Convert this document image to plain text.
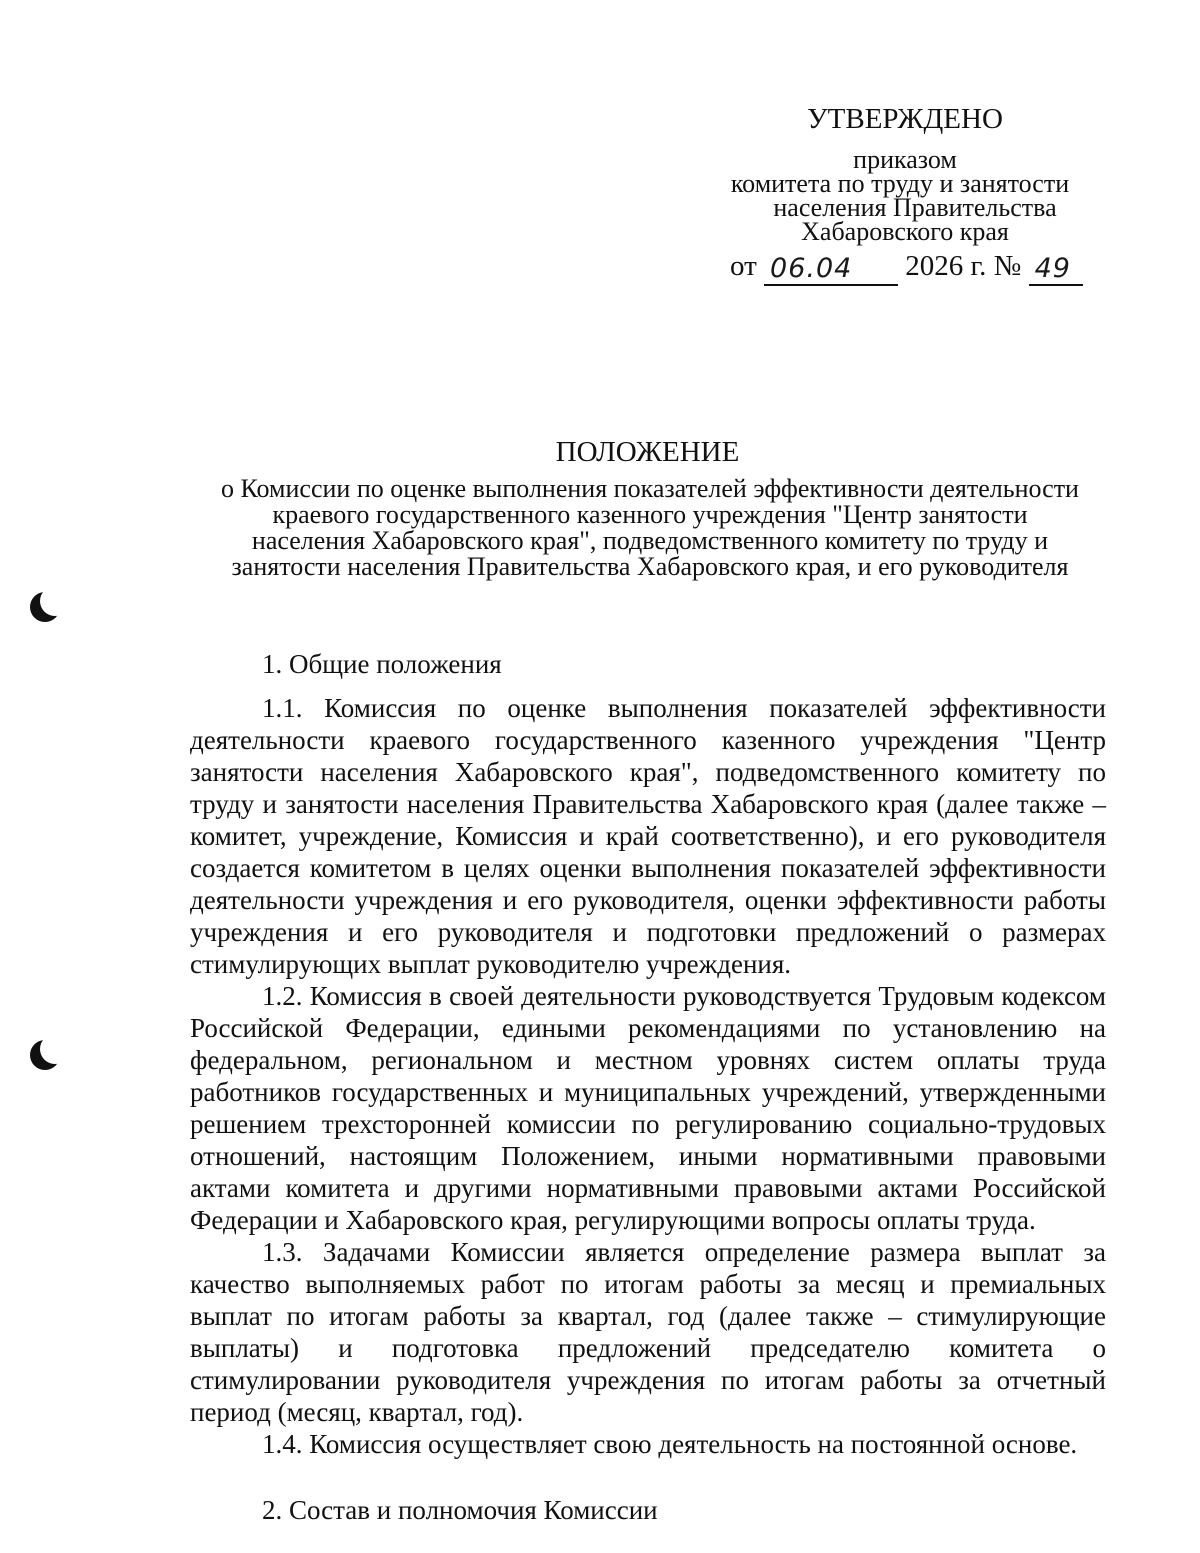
УТВЕРЖДЕНО
приказом
комитета по труду и занятости
населения Правительства
Хабаровского края
от 06.04 2026 г. № 49

ПОЛОЖЕНИЕ
о Комиссии по оценке выполнения показателей эффективности деятельности
краевого государственного казенного учреждения "Центр занятости
населения Хабаровского края", подведомственного комитету по труду и
занятости населения Правительства Хабаровского края, и его руководителя

1. Общие положения

1.1. Комиссия по оценке выполнения показателей эффективности деятельности краевого государственного казенного учреждения "Центр занятости населения Хабаровского края", подведомственного комитету по труду и занятости населения Правительства Хабаровского края (далее также – комитет, учреждение, Комиссия и край соответственно), и его руководителя создается комитетом в целях оценки выполнения показателей эффективности деятельности учреждения и его руководителя, оценки эффективности работы учреждения и его руководителя и подготовки предложений о размерах стимулирующих выплат руководителю учреждения.

1.2. Комиссия в своей деятельности руководствуется Трудовым кодексом Российской Федерации, едиными рекомендациями по установлению на федеральном, региональном и местном уровнях систем оплаты труда работников государственных и муниципальных учреждений, утвержденными решением трехсторонней комиссии по регулированию социально-трудовых отношений, настоящим Положением, иными нормативными правовыми актами комитета и другими нормативными правовыми актами Российской Федерации и Хабаровского края, регулирующими вопросы оплаты труда.

1.3. Задачами Комиссии является определение размера выплат за качество выполняемых работ по итогам работы за месяц и премиальных выплат по итогам работы за квартал, год (далее также – стимулирующие выплаты) и подготовка предложений председателю комитета о стимулировании руководителя учреждения по итогам работы за отчетный период (месяц, квартал, год).

1.4. Комиссия осуществляет свою деятельность на постоянной основе.

2. Состав и полномочия Комиссии
